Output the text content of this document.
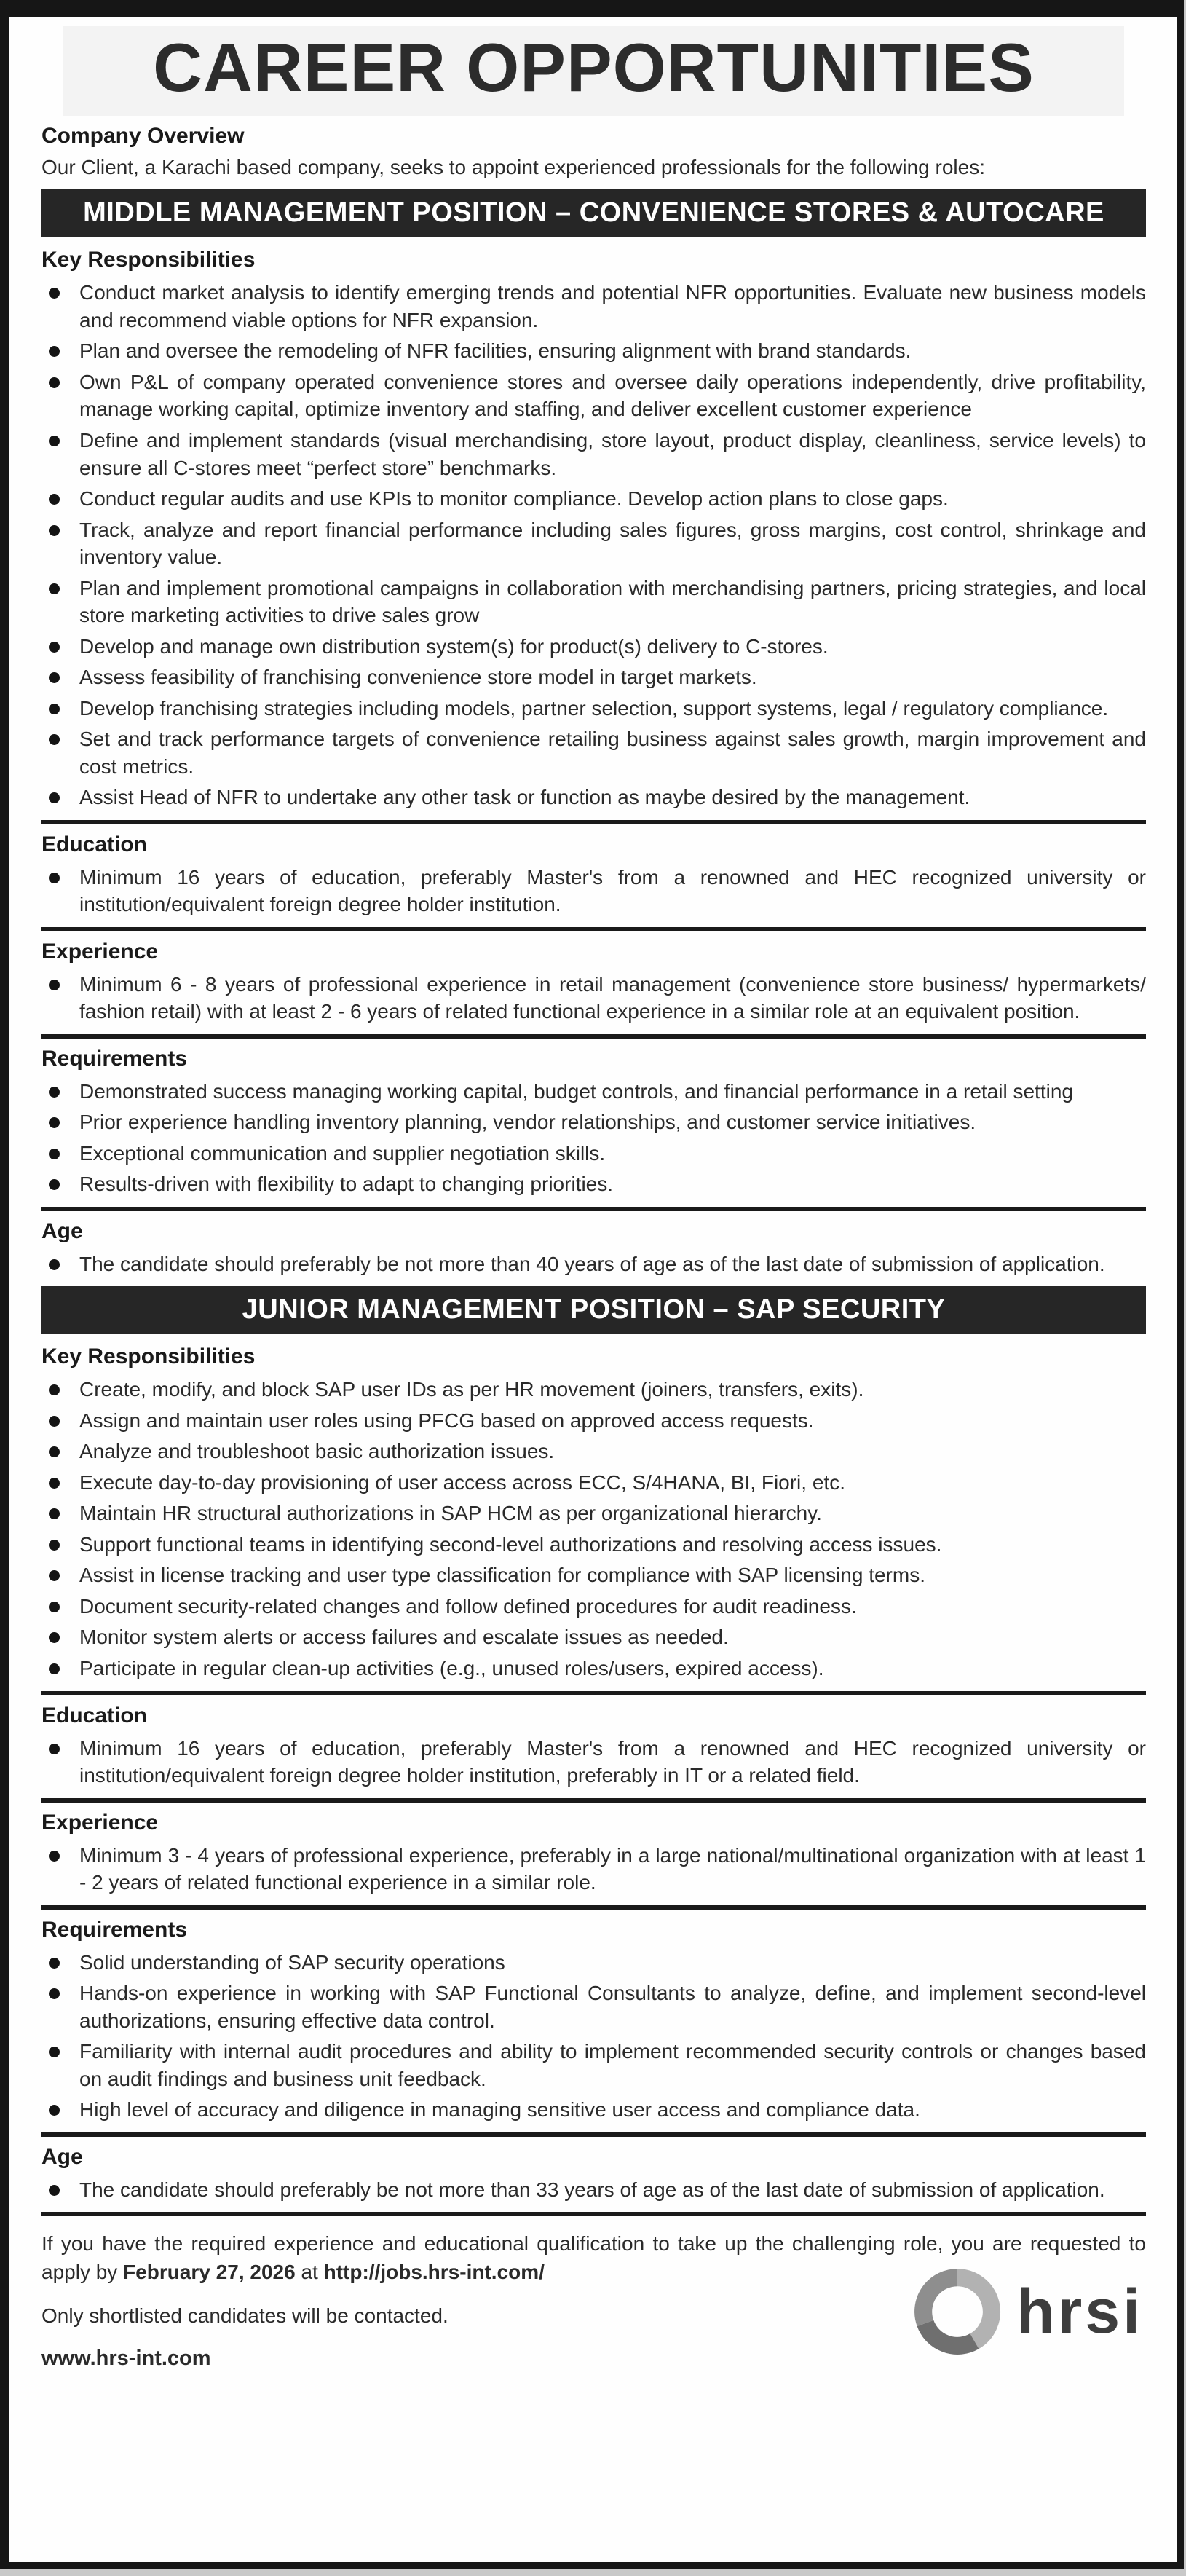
CAREER OPPORTUNITIES
Company Overview

Our Client, a Karachi based company, seeks to appoint experienced professionals for the following roles:

MIDDLE MANAGEMENT POSITION – CONVENIENCE STORES & AUTOCARE
Key Responsibilities
Conduct market analysis to identify emerging trends and potential NFR opportunities. Evaluate new business models and recommend viable options for NFR expansion.
Plan and oversee the remodeling of NFR facilities, ensuring alignment with brand standards.
Own P&L of company operated convenience stores and oversee daily operations independently, drive profitability, manage working capital, optimize inventory and staffing, and deliver excellent customer experience
Define and implement standards (visual merchandising, store layout, product display, cleanliness, service levels) to ensure all C-stores meet “perfect store” benchmarks.
Conduct regular audits and use KPIs to monitor compliance. Develop action plans to close gaps.
Track, analyze and report financial performance including sales figures, gross margins, cost control, shrinkage and inventory value.
Plan and implement promotional campaigns in collaboration with merchandising partners, pricing strategies, and local store marketing activities to drive sales grow
Develop and manage own distribution system(s) for product(s) delivery to C-stores.
Assess feasibility of franchising convenience store model in target markets.
Develop franchising strategies including models, partner selection, support systems, legal / regulatory compliance.
Set and track performance targets of convenience retailing business against sales growth, margin improvement and cost metrics.
Assist Head of NFR to undertake any other task or function as maybe desired by the management.
Education
Minimum 16 years of education, preferably Master's from a renowned and HEC recognized university or institution/equivalent foreign degree holder institution.
Experience
Minimum 6 - 8 years of professional experience in retail management (convenience store business/ hypermarkets/ fashion retail) with at least 2 - 6 years of related functional experience in a similar role at an equivalent position.
Requirements
Demonstrated success managing working capital, budget controls, and financial performance in a retail setting
Prior experience handling inventory planning, vendor relationships, and customer service initiatives.
Exceptional communication and supplier negotiation skills.
Results-driven with flexibility to adapt to changing priorities.
Age
The candidate should preferably be not more than 40 years of age as of the last date of submission of application.
JUNIOR MANAGEMENT POSITION – SAP SECURITY
Key Responsibilities
Create, modify, and block SAP user IDs as per HR movement (joiners, transfers, exits).
Assign and maintain user roles using PFCG based on approved access requests.
Analyze and troubleshoot basic authorization issues.
Execute day-to-day provisioning of user access across ECC, S/4HANA, BI, Fiori, etc.
Maintain HR structural authorizations in SAP HCM as per organizational hierarchy.
Support functional teams in identifying second-level authorizations and resolving access issues.
Assist in license tracking and user type classification for compliance with SAP licensing terms.
Document security-related changes and follow defined procedures for audit readiness.
Monitor system alerts or access failures and escalate issues as needed.
Participate in regular clean-up activities (e.g., unused roles/users, expired access).
Education
Minimum 16 years of education, preferably Master's from a renowned and HEC recognized university or institution/equivalent foreign degree holder institution, preferably in IT or a related field.
Experience
Minimum 3 - 4 years of professional experience, preferably in a large national/multinational organization with at least 1 - 2 years of related functional experience in a similar role.
Requirements
Solid understanding of SAP security operations
Hands-on experience in working with SAP Functional Consultants to analyze, define, and implement second-level authorizations, ensuring effective data control.
Familiarity with internal audit procedures and ability to implement recommended security controls or changes based on audit findings and business unit feedback.
High level of accuracy and diligence in managing sensitive user access and compliance data.
Age
The candidate should preferably be not more than 33 years of age as of the last date of submission of application.

If you have the required experience and educational qualification to take up the challenging role, you are requested to apply by February 27, 2026 at http://jobs.hrs-int.com/

Only shortlisted candidates will be contacted.

www.hrs-int.com

hrsi
